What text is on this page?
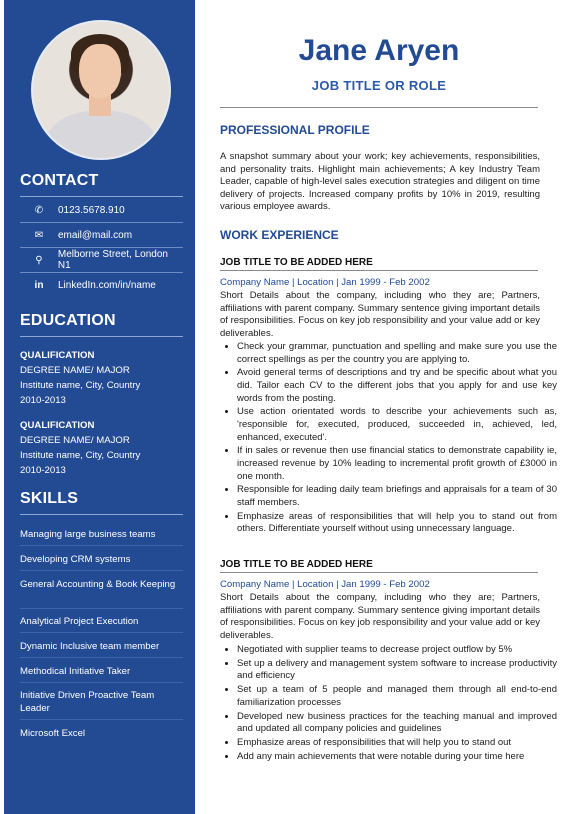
CONTACT
✆	0123.5678.910
✉	email@mail.com
⚲	Melborne Street, London N1
in	LinkedIn.com/in/name
EDUCATION
QUALIFICATION
DEGREE NAME/ MAJOR
Institute name, City, Country
2010-2013
QUALIFICATION
DEGREE NAME/ MAJOR
Institute name, City, Country
2010-2013
SKILLS
Managing large business teams
Developing CRM systems
General Accounting & Book Keeping
Analytical Project Execution
Dynamic Inclusive team member
Methodical Initiative Taker
Initiative Driven Proactive Team Leader
Microsoft Excel
Jane Aryen
JOB TITLE OR ROLE
PROFESSIONAL PROFILE
A snapshot summary about your work; key achievements, responsibilities, and personality traits. Highlight main achievements; A key Industry Team Leader, capable of high-level sales execution strategies and diligent on time delivery of projects. Increased company profits by 10% in 2019, resulting various employee awards.
WORK EXPERIENCE
JOB TITLE TO BE ADDED HERE
Company Name | Location | Jan 1999 - Feb 2002
Short Details about the company, including who they are; Partners, affiliations with parent company. Summary sentence giving important details of responsibilities. Focus on key job responsibility and your value add or key deliverables.
• Check your grammar, punctuation and spelling and make sure you use the correct spellings as per the country you are applying to.
• Avoid general terms of descriptions and try and be specific about what you did. Tailor each CV to the different jobs that you apply for and use key words from the posting.
• Use action orientated words to describe your achievements such as, 'responsible for, executed, produced, succeeded in, achieved, led, enhanced, executed'.
• If in sales or revenue then use financial statics to demonstrate capability ie, increased revenue by 10% leading to incremental profit growth of £3000 in one month.
• Responsible for leading daily team briefings and appraisals for a team of 30 staff members.
• Emphasize areas of responsibilities that will help you to stand out from others. Differentiate yourself without using unnecessary language.
JOB TITLE TO BE ADDED HERE
Company Name | Location | Jan 1999 - Feb 2002
Short Details about the company, including who they are; Partners, affiliations with parent company. Summary sentence giving important details of responsibilities. Focus on key job responsibility and your value add or key deliverables.
• Negotiated with supplier teams to decrease project outflow by 5%
• Set up a delivery and management system software to increase productivity and efficiency
• Set up a team of 5 people and managed them through all end-to-end familiarization processes
• Developed new business practices for the teaching manual and improved and updated all company policies and guidelines
• Emphasize areas of responsibilities that will help you to stand out
• Add any main achievements that were notable during your time here
